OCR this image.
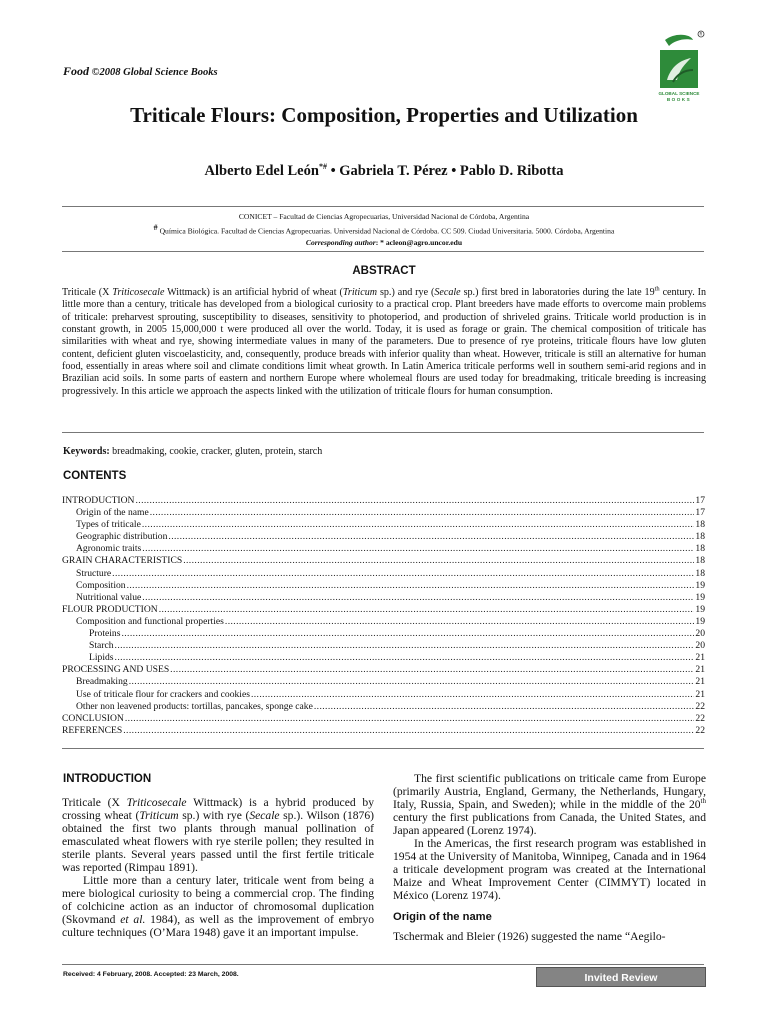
Food ©2008 Global Science Books
R
GLOBAL SCIENCE
BOOKS
Triticale Flours: Composition, Properties and Utilization
Alberto Edel León*# • Gabriela T. Pérez • Pablo D. Ribotta
CONICET – Facultad de Ciencias Agropecuarias, Universidad Nacional de Córdoba, Argentina
# Química Biológica. Facultad de Ciencias Agropecuarias. Universidad Nacional de Córdoba. CC 509. Ciudad Universitaria. 5000. Córdoba, Argentina
Corresponding author: * acleon@agro.uncor.edu
ABSTRACT
Triticale (X Triticosecale Wittmack) is an artificial hybrid of wheat (Triticum sp.) and rye (Secale sp.) first bred in laboratories during the late 19th century. In little more than a century, triticale has developed from a biological curiosity to a practical crop. Plant breeders have made efforts to overcome main problems of triticale: preharvest sprouting, susceptibility to diseases, sensitivity to photoperiod, and production of shriveled grains. Triticale world production is in constant growth, in 2005 15,000,000 t were produced all over the world. Today, it is used as forage or grain. The chemical composition of triticale has similarities with wheat and rye, showing intermediate values in many of the parameters. Due to presence of rye proteins, triticale flours have low gluten content, deficient gluten viscoelasticity, and, consequently, produce breads with inferior quality than wheat. However, triticale is still an alternative for human food, essentially in areas where soil and climate conditions limit wheat growth. In Latin America triticale performs well in southern semi-arid regions and in Brazilian acid soils. In some parts of eastern and northern Europe where wholemeal flours are used today for breadmaking, triticale breeding is increasing progressively. In this article we approach the aspects linked with the utilization of triticale flours for human consumption.
Keywords: breadmaking, cookie, cracker, gluten, protein, starch
CONTENTS
INTRODUCTION .....	17
Origin of the name .....	17
Types of triticale .....	18
Geographic distribution .....	18
Agronomic traits .....	18
GRAIN CHARACTERISTICS .....	18
Structure .....	18
Composition .....	19
Nutritional value .....	19
FLOUR PRODUCTION .....	19
Composition and functional properties .....	19
Proteins .....	20
Starch .....	20
Lipids .....	21
PROCESSING AND USES .....	21
Breadmaking .....	21
Use of triticale flour for crackers and cookies .....	21
Other non leavened products: tortillas, pancakes, sponge cake .....	22
CONCLUSION .....	22
REFERENCES .....	22
INTRODUCTION

Triticale (X Triticosecale Wittmack) is a hybrid produced by crossing wheat (Triticum sp.) with rye (Secale sp.). Wilson (1876) obtained the first two plants through manual pollination of emasculated wheat flowers with rye sterile pollen; they resulted in sterile plants. Several years passed until the first fertile triticale was reported (Rimpau 1891).

Little more than a century later, triticale went from being a mere biological curiosity to being a commercial crop. The finding of colchicine action as an inductor of chromosomal duplication (Skovmand et al. 1984), as well as the improvement of embryo culture techniques (O’Mara 1948) gave it an important impulse.

The first scientific publications on triticale came from Europe (primarily Austria, England, Germany, the Netherlands, Hungary, Italy, Russia, Spain, and Sweden); while in the middle of the 20th century the first publications from Canada, the United States, and Japan appeared (Lorenz 1974).

In the Americas, the first research program was established in 1954 at the University of Manitoba, Winnipeg, Canada and in 1964 a triticale development program was created at the International Maize and Wheat Improvement Center (CIMMYT) located in México (Lorenz 1974).

Origin of the name

Tschermak and Bleier (1926) suggested the name “Aegilo-

Received: 4 February, 2008. Accepted: 23 March, 2008.	Invited Review
